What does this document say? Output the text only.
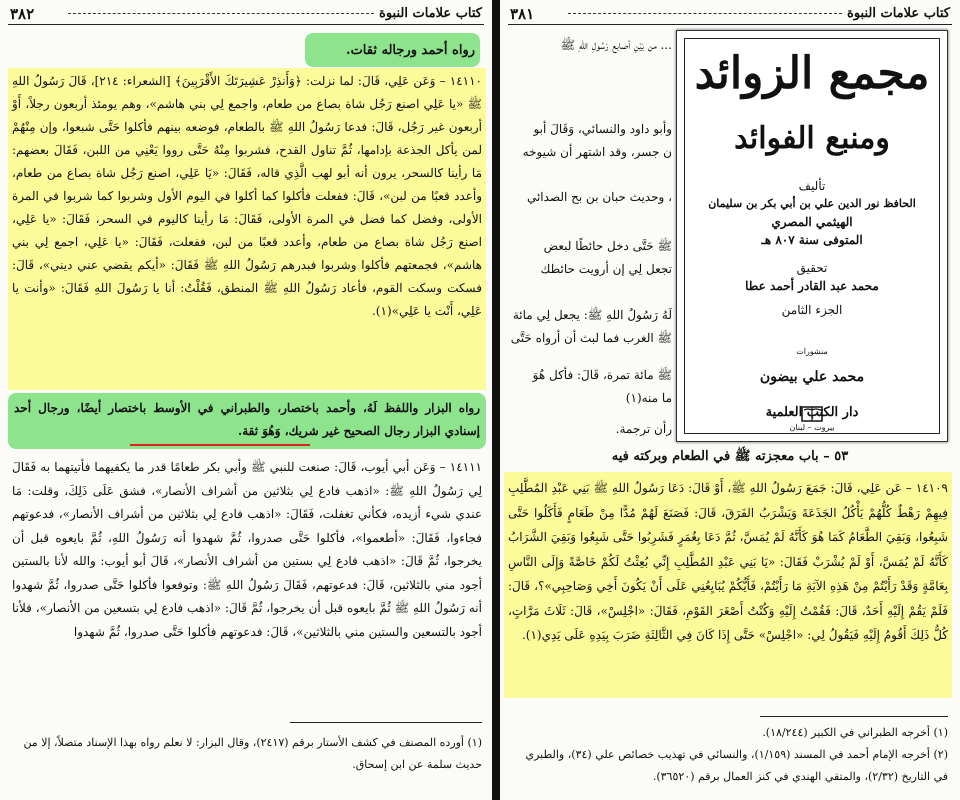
٣٨٢	كتاب علامات النبوة
رواه أحمد ورجاله ثقات.
١٤١١٠ – وَعَن عَلِي، قَالَ: لما نزلت: ﴿وَأَنذِرْ عَشِيرَتَكَ الأَقْرَبِينَ﴾ [الشعراء: ٢١٤]، قَالَ رَسُولُ اللهِ ﷺ «يا عَلِي اصنع رَجُل شاة بصاع من طعام، واجمع لِي بني هاشم»، وهم يومئذ أربعون رجلاً، أَوْ أربعون غير رَجُل، قَالَ: فدعا رَسُولُ اللهِ ﷺ بالطعام، فوضعه بينهم فأكلوا حَتَّى شبعوا، وإن مِنْهُمْ لمن يأكل الجذعة بإدامها، ثُمَّ تناول القدح، فشربوا مِنْهُ حَتَّى رووا يَعْنِي من اللبن، فَقَالَ بعضهم: مَا رأينا كالسحر، يرون أنه أبو لهب الَّذِي قاله، فَقَالَ: «يَا عَلِي، اصنع رَجُل شاة بصاع من طعام، وأعدد قعبًا من لبن»، قَالَ: ففعلت فأكلوا كما أكلوا في اليوم الأول وشربوا كما شربوا في المرة الأولى، وفضل كما فضل في المرة الأولى، فَقَالَ: مَا رأينا كاليوم في السحر، فَقَالَ: «يا عَلِي، اصنع رَجُل شاة بصاع من طعام، وأعدد قعبًا من لبن، ففعلت، فَقَالَ: «يا عَلِي، اجمع لِي بني هاشم»، فجمعتهم فأكلوا وشربوا فبدرهم رَسُولُ اللهِ ﷺ فَقَالَ: «أيكم يقضي عني ديني»، قَالَ: فسكت وسكت القوم، فأعاد رَسُولُ اللهِ ﷺ المنطق، فَقُلْتُ: أنا يا رَسُولَ اللهِ فَقَالَ: «وأنت يا عَلِي، أَنْت يا عَلِي»(١).
رواه البزار واللفظ لَهُ، وأحمد باختصار، والطبراني في الأوسط باختصار أيضًا، ورجال أحد إسنادي البزار رجال الصحيح غير شريك، وَهُوَ ثقة.
١٤١١١ – وَعَن أبي أيوب، قَالَ: صنعت للنبي ﷺ وأبي بكر طعامًا قدر ما يكفيهما فأتيتهما به فَقَالَ لِي رَسُولُ اللهِ ﷺ: «اذهب فادع لِي بثلاثين من أشراف الأنصار»، فشق عَلَى ذَلِكَ، وقلت: مَا عندي شيء أزيده، فكأني تغفلت، فَقَالَ: «اذهب فادع لِي بثلاثين من أشراف الأنصار»، فدعوتهم فجاءوا، فَقَالَ: «أطعموا»، فأكلوا حَتَّى صدروا، ثُمَّ شهدوا أنه رَسُولُ اللهِ، ثُمَّ بايعوه قبل أن يخرجوا، ثُمَّ قَالَ: «اذهب فادع لِي بستين من أشراف الأنصار»، قَالَ أبو أيوب: والله لأنا بالستين أجود مني بالثلاثين، قَالَ: فدعوتهم، فَقَالَ رَسُولُ اللهِ ﷺ: وتوفعوا فأكلوا حَتَّى صدروا، ثُمَّ شهدوا أنه رَسُولُ اللهِ ﷺ ثُمَّ بايعوه قبل أن يخرجوا، ثُمَّ قَالَ: «اذهب فادع لِي بتسعين من الأنصار»، فلأنا أجود بالتسعين والستين مني بالثلاثين»، قَالَ: فدعوتهم فأكلوا حَتَّى صدروا، ثُمَّ شهدوا
(١) أورده المصنف في كشف الأستار برقم (٢٤١٧)، وقال البزار: لا نعلم رواه بهذا الإسناد متصلاً، إلا من حديث سلمة عن ابن إسحاق.
٣٨١	كتاب علامات النبوة
... من بَيْنِ أصابع رَسُولِ اللهِ ﷺ
وأبو داود والنسائي، وَقَالَ أبو
ن جسر، وقد اشتهر أن شيوخه
، وحديث حبان بن بح الصدائي
ﷺ حَتَّى دخل حائطًا لبعض
تجعل لِي إن أرويت حائطك
لَهُ رَسُولُ اللهِ ﷺ: يجعل لِي مائة
ﷺ الغرب فما لبث أن أرواه حَتَّى
ﷺ مائة تمرة، قَالَ: فأكل هُوَ
ما منه(١)
رأن ترجمة.
٥٣ – باب معجزته ﷺ في الطعام وبركته فيه
١٤١٠٩ – عَن عَلِي، قَالَ: جَمَعَ رَسُولُ اللهِ ﷺ، أَوْ قَالَ: دَعَا رَسُولُ اللهِ ﷺ بَنِي عَبْدِ المُطَّلِبِ فِيهِمْ رَهْطٌ كُلُّهُمْ يَأْكُلُ الجَذَعَةَ وَيَشْرَبُ الفَرَقَ، قَالَ: فَصَنَعَ لَهُمْ مُدًّا مِنْ طَعَامٍ فَأَكَلُوا حَتَّى شَبِعُوا، وَبَقِيَ الطَّعَامُ كَمَا هُوَ كَأَنَّهُ لَمْ يُمَسَّ، ثُمَّ دَعَا بِغُمَرٍ فَشَرِبُوا حَتَّى شَبِعُوا وَبَقِيَ الشَّرَابُ كَأَنَّهُ لَمْ يُمَسَّ، أَوْ لَمْ يُشْرَبْ فَقَالَ: «يَا بَنِي عَبْدِ المُطَّلِبِ إِنِّي بُعِثْتُ لَكُمْ خَاصَّةً وَإِلَى النَّاسِ بِعَامَّةٍ وَقَدْ رَأَيْتُمْ مِنْ هَذِهِ الآيَةِ مَا رَأَيْتُمْ، فَأَيُّكُمْ يُبَايِعُنِي عَلَى أَنْ يَكُونَ أَخِي وَصَاحِبِي»؟، قَالَ: فَلَمْ يَقُمْ إِلَيْهِ أَحَدٌ، قَالَ: فَقُمْتُ إِلَيْهِ وَكُنْتُ أَصْغَرَ القَوْمِ، فَقَالَ: «اجْلِسْ»، قَالَ: ثَلَاثَ مَرَّاتٍ، كُلُّ ذَلِكَ أَقُومُ إِلَيْهِ فَيَقُولُ لِي: «اجْلِسْ» حَتَّى إِذَا كَانَ فِي الثَّالِثَةِ ضَرَبَ بِيَدِهِ عَلَى يَدِي(١).
(١) أخرجه الطبراني في الكبير (١٨/٢٤٤).
(٢) أخرجه الإمام أحمد في المسند (١/١٥٩)، والنسائي في تهذيب خصائص علي (٣٤)، والطبري في التاريخ (٢/٣٢)، والمتقي الهندي في كنز العمال برقم (٣٦٥٢٠).
مجمع الزوائد
ومنبع الفوائد
تأليف
الحافظ نور الدين علي بن أبي بكر بن سليمان
الهيثمي المصري
المتوفى سنة ٨٠٧ هـ
تحقيق
محمد عبد القادر أحمد عطا
الجزء الثامن
منشورات
محمد علي بيضون
دار الكتب العلمية
بيروت – لبنان
